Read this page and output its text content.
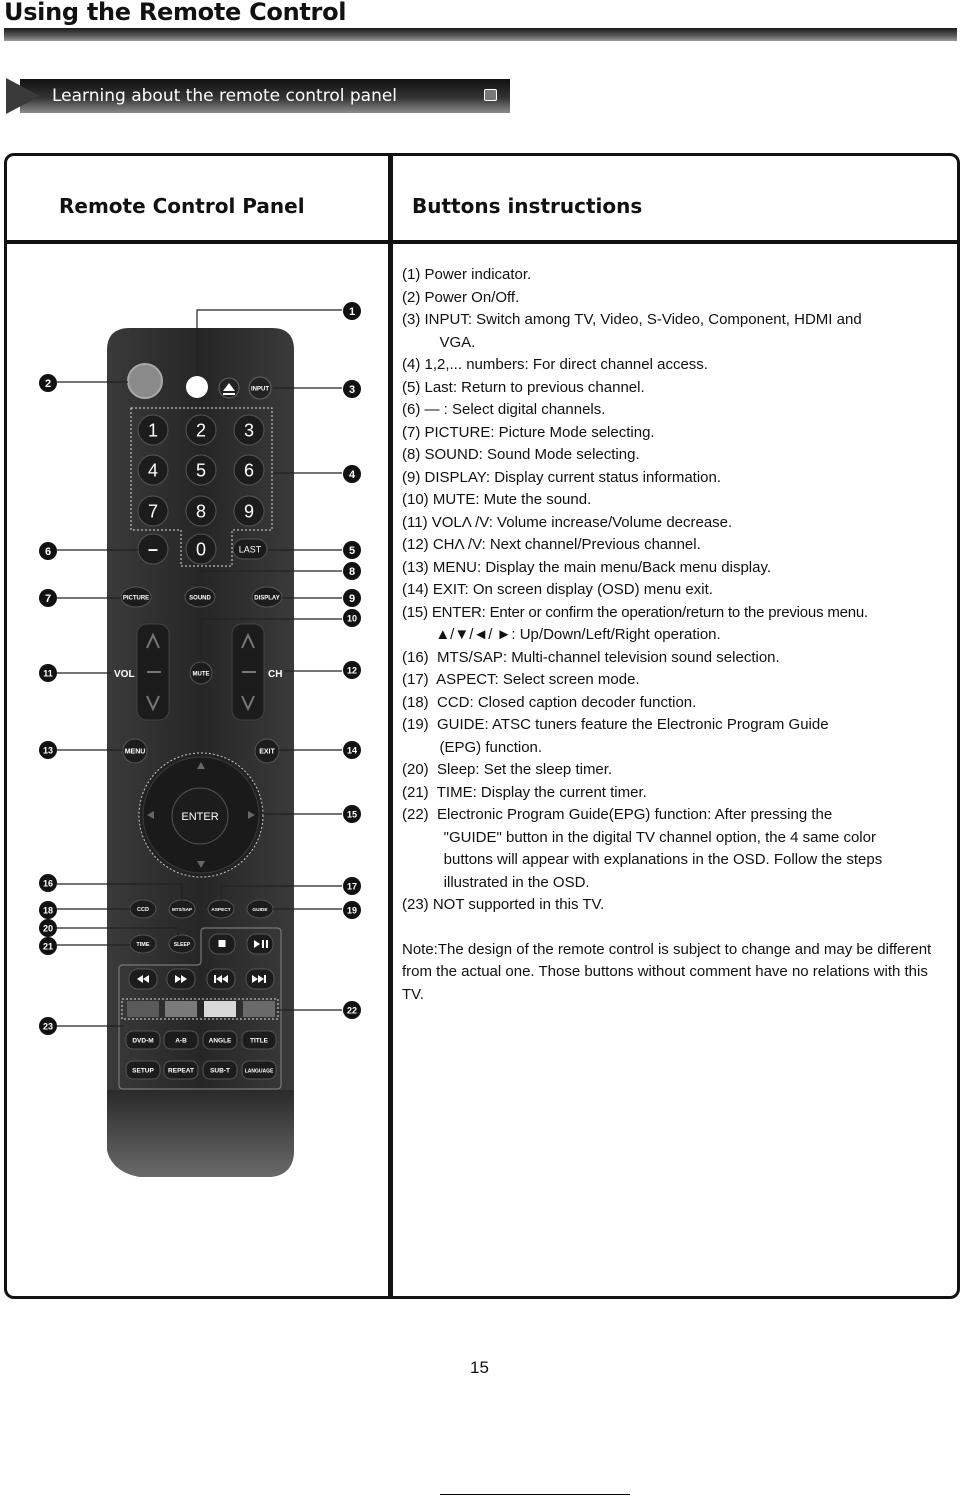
Using the Remote Control
Learning about the remote control panel
Remote Control Panel	Buttons instructions
INPUT
1 2 3
4 5 6
7 8 9
– 0	LAST
PICTURE	SOUND	DISPLAY
VOL	CH
MUTE
MENU	EXIT
ENTER
CCD	MTS/SAP	ASPECT	GUIDE
TIME	SLEEP
DVD-M	A-B	ANGLE	TITLE
SETUP REPEAT SUB-T	LANGUAGE
1
2	3
4
5
6
7
8
9
10
11	12
13	14
15
16	17
18	19
20
21
22
23
(1) Power indicator.
(2) Power On/Off.
(3) INPUT: Switch among TV, Video, S-Video, Component, HDMI and
VGA.
(4) 1,2,... numbers: For direct channel access.
(5) Last: Return to previous channel.
(6) — : Select digital channels.
(7) PICTURE: Picture Mode selecting.
(8) SOUND: Sound Mode selecting.
(9) DISPLAY: Display current status information.
(10) MUTE: Mute the sound.
(11) VOLΛ /V: Volume increase/Volume decrease.
(12) CHΛ /V: Next channel/Previous channel.
(13) MENU: Display the main menu/Back menu display.
(14) EXIT: On screen display (OSD) menu exit.
(15) ENTER: Enter or confirm the operation/return to the previous menu.
▲/▼/◄/ ►: Up/Down/Left/Right operation.
(16)  MTS/SAP: Multi-channel television sound selection.
(17)  ASPECT: Select screen mode.
(18)  CCD: Closed caption decoder function.
(19)  GUIDE: ATSC tuners feature the Electronic Program Guide
(EPG) function.
(20)  Sleep: Set the sleep timer.
(21)  TIME: Display the current timer.
(22)  Electronic Program Guide(EPG) function: After pressing the
"GUIDE" button in the digital TV channel option, the 4 same color
buttons will appear with explanations in the OSD. Follow the steps
illustrated in the OSD.
(23) NOT supported in this TV.
Note:The design of the remote control is subject to change and may be different from the actual one. Those buttons without comment have no relations with this TV.
15
